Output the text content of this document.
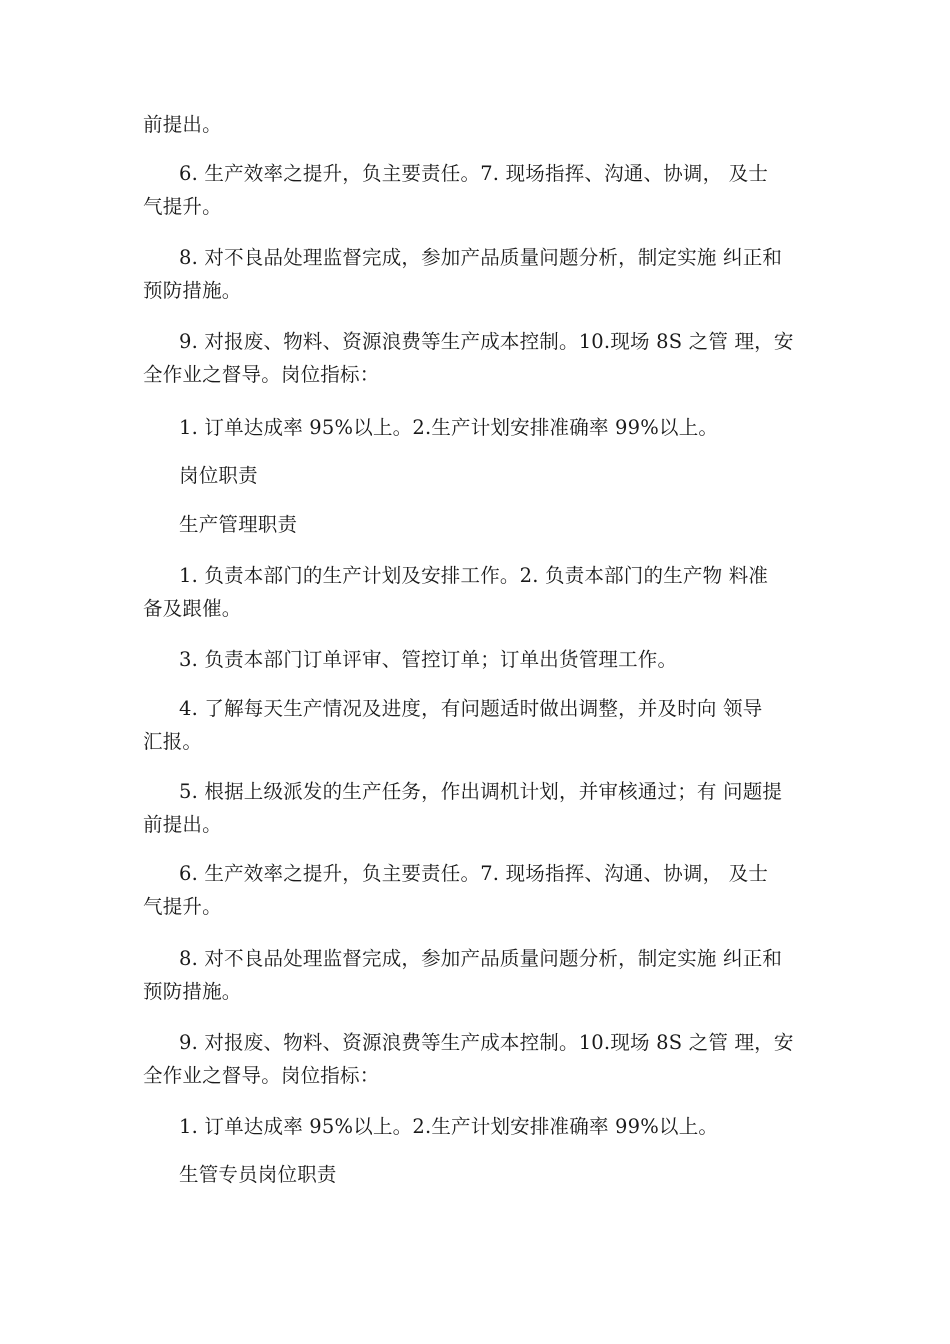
前提出。
6. 生产效率之提升，负主要责任。7. 现场指挥、沟通、协调， 及士
气提升。
8. 对不良品处理监督完成，参加产品质量问题分析，制定实施 纠正和
预防措施。
9. 对报废、物料、资源浪费等生产成本控制。10.现场 8S 之管 理，安
全作业之督导。岗位指标：
1. 订单达成率 95%以上。2.生产计划安排准确率 99%以上。
岗位职责
生产管理职责
1. 负责本部门的生产计划及安排工作。2. 负责本部门的生产物 料准
备及跟催。
3. 负责本部门订单评审、管控订单；订单出货管理工作。
4. 了解每天生产情况及进度，有问题适时做出调整，并及时向 领导
汇报。
5. 根据上级派发的生产任务，作出调机计划，并审核通过；有 问题提
前提出。
6. 生产效率之提升，负主要责任。7. 现场指挥、沟通、协调， 及士
气提升。
8. 对不良品处理监督完成，参加产品质量问题分析，制定实施 纠正和
预防措施。
9. 对报废、物料、资源浪费等生产成本控制。10.现场 8S 之管 理，安
全作业之督导。岗位指标：
1. 订单达成率 95%以上。2.生产计划安排准确率 99%以上。
生管专员岗位职责
